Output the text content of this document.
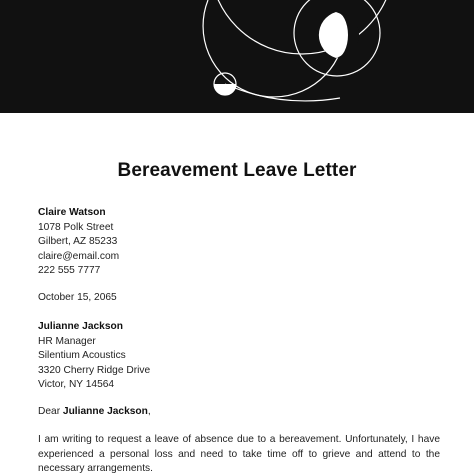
Bereavement Leave Letter
Claire Watson
1078 Polk Street
Gilbert, AZ 85233
claire@email.com
222 555 7777
October 15, 2065
Julianne Jackson
HR Manager
Silentium Acoustics
3320 Cherry Ridge Drive
Victor, NY 14564
Dear Julianne Jackson,
I am writing to request a leave of absence due to a bereavement. Unfortunately, I have experienced a personal loss and need to take time off to grieve and attend to the necessary arrangements.
